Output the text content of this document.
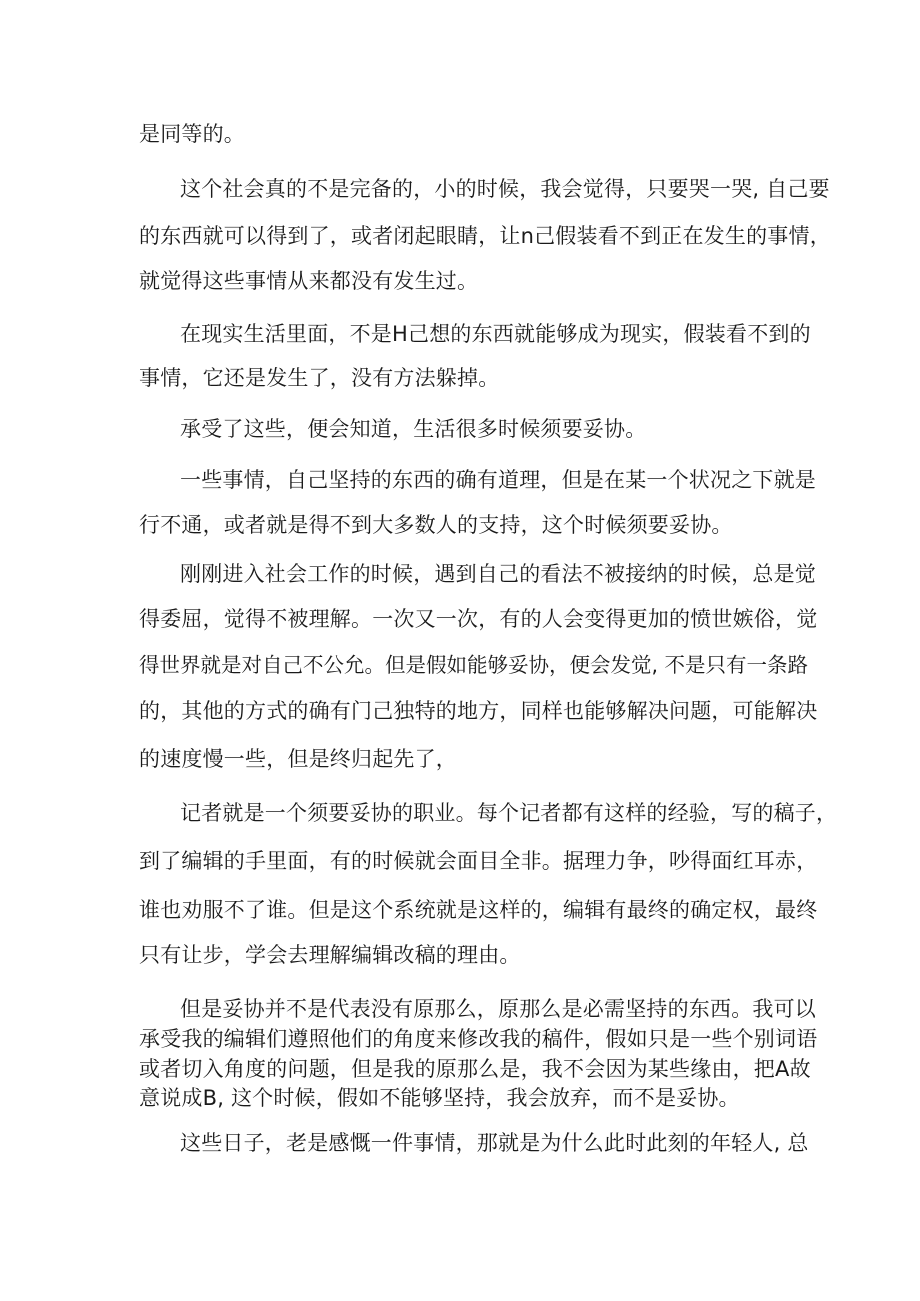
是同等的。
这个社会真的不是完备的，小的时候，我会觉得，只要哭一哭, 自己要
的东西就可以得到了，或者闭起眼睛，让n己假装看不到正在发生的事情，
就觉得这些事情从来都没有发生过。
在现实生活里面，不是H己想的东西就能够成为现实，假装看不到的
事情，它还是发生了，没有方法躲掉。
承受了这些，便会知道，生活很多时候须要妥协。
一些事情，自己坚持的东西的确有道理，但是在某一个状况之下就是
行不通，或者就是得不到大多数人的支持，这个时候须要妥协。
刚刚进入社会工作的时候，遇到自己的看法不被接纳的时候，总是觉
得委屈，觉得不被理解。一次又一次，有的人会变得更加的愤世嫉俗，觉
得世界就是对自己不公允。但是假如能够妥协，便会发觉, 不是只有一条路
的，其他的方式的确有门己独特的地方，同样也能够解决问题，可能解决
的速度慢一些，但是终归起先了，
记者就是一个须要妥协的职业。每个记者都有这样的经验，写的稿子，
到了编辑的手里面，有的时候就会面目全非。据理力争，吵得面红耳赤，
谁也劝服不了谁。但是这个系统就是这样的，编辑有最终的确定权，最终
只有让步，学会去理解编辑改稿的理由。
但是妥协并不是代表没有原那么，原那么是必需坚持的东西。我可以
承受我的编辑们遵照他们的角度来修改我的稿件，假如只是一些个别词语
或者切入角度的问题，但是我的原那么是，我不会因为某些缘由，把A故
意说成B, 这个时候，假如不能够坚持，我会放弃，而不是妥协。
这些日子，老是感慨一件事情，那就是为什么此时此刻的年轻人, 总
